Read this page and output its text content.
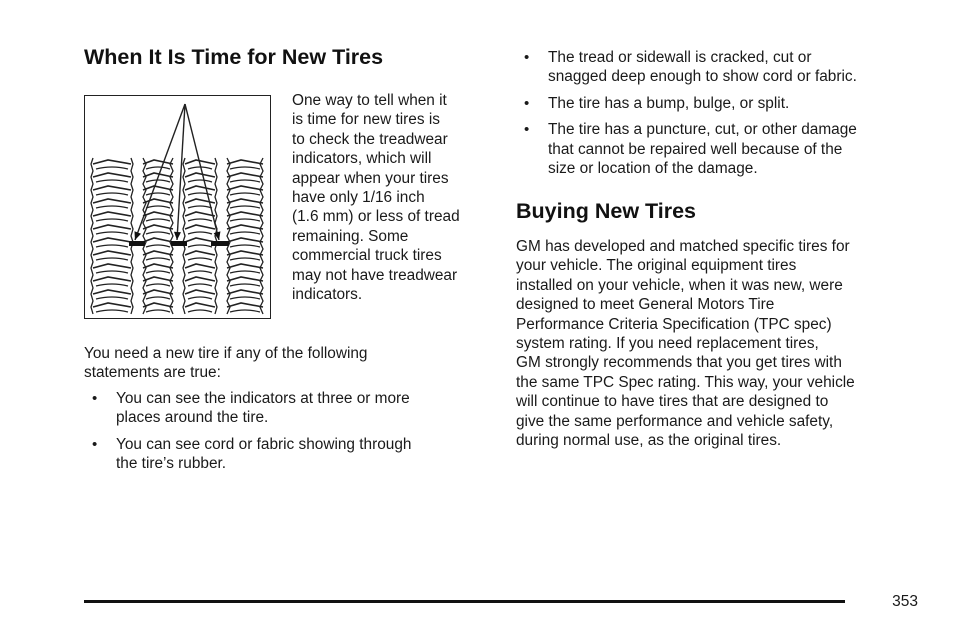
When It Is Time for New Tires
One way to tell when it
is time for new tires is
to check the treadwear
indicators, which will
appear when your tires
have only 1/16 inch
(1.6 mm) or less of tread
remaining. Some
commercial truck tires
may not have treadwear
indicators.
You need a new tire if any of the following
statements are true:
• You can see the indicators at three or more
places around the tire.
• You can see cord or fabric showing through
the tire’s rubber.
• The tread or sidewall is cracked, cut or
snagged deep enough to show cord or fabric.
• The tire has a bump, bulge, or split.
• The tire has a puncture, cut, or other damage
that cannot be repaired well because of the
size or location of the damage.
Buying New Tires
GM has developed and matched specific tires for
your vehicle. The original equipment tires
installed on your vehicle, when it was new, were
designed to meet General Motors Tire
Performance Criteria Specification (TPC spec)
system rating. If you need replacement tires,
GM strongly recommends that you get tires with
the same TPC Spec rating. This way, your vehicle
will continue to have tires that are designed to
give the same performance and vehicle safety,
during normal use, as the original tires.
353
